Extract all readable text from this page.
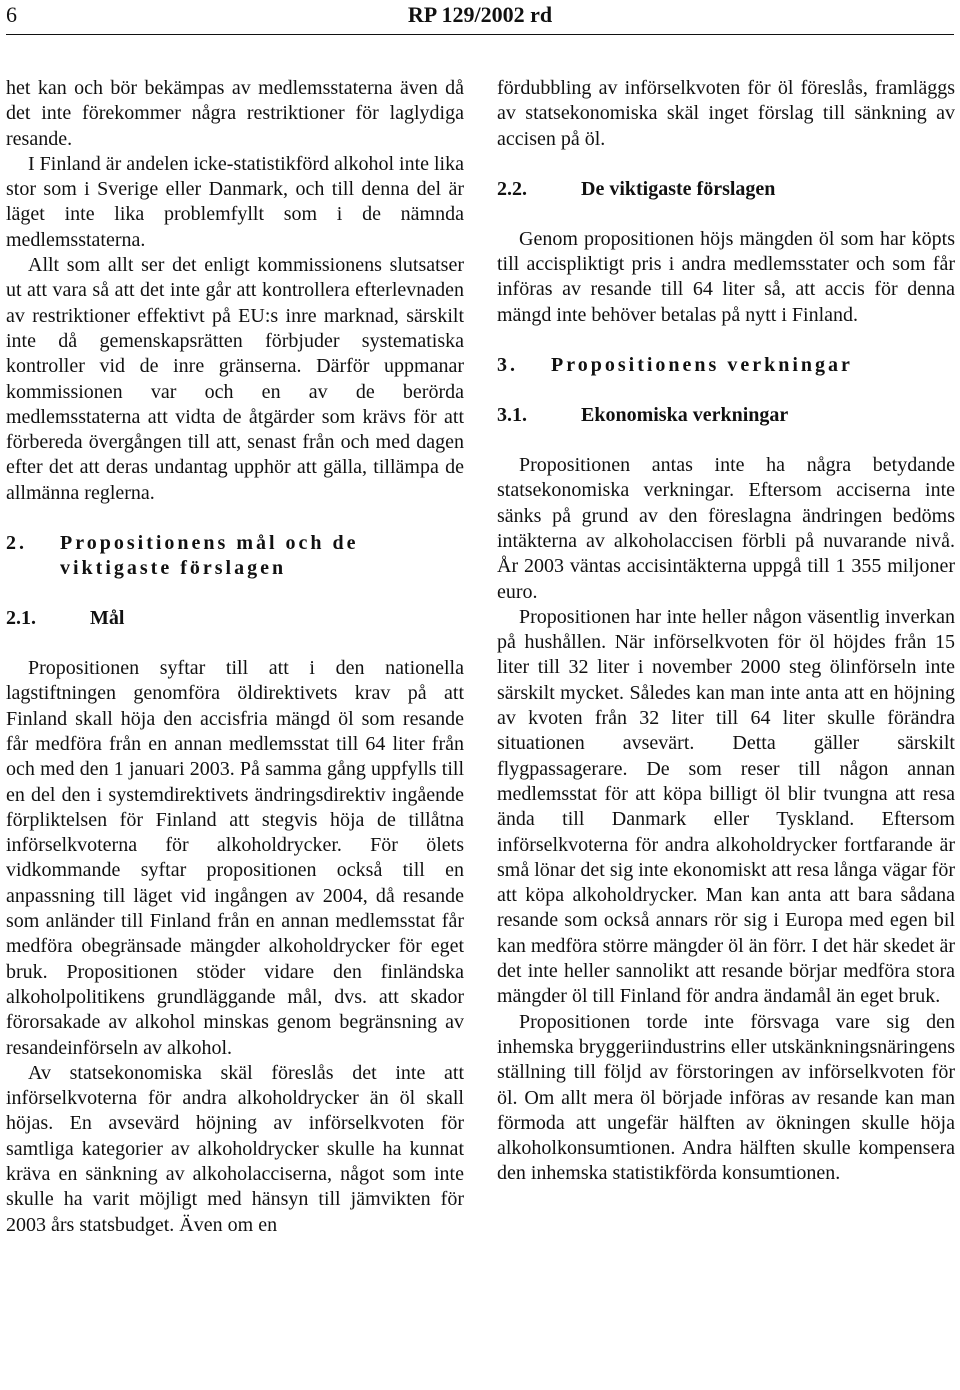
6	RP 129/2002 rd

het kan och bör bekämpas av medlemsstaterna även då det inte förekommer några restriktioner för laglydiga resande.

I Finland är andelen icke-statistikförd alkohol inte lika stor som i Sverige eller Danmark, och till denna del är läget inte lika problemfyllt som i de nämnda medlemsstaterna.

Allt som allt ser det enligt kommissionens slutsatser ut att vara så att det inte går att kontrollera efterlevnaden av restriktioner effektivt på EU:s inre marknad, särskilt inte då gemenskapsrätten förbjuder systematiska kontroller vid de inre gränserna. Därför uppmanar kommissionen var och en av de berörda medlemsstaterna att vidta de åtgärder som krävs för att förbereda övergången till att, senast från och med dagen efter det att deras undantag upphör att gälla, tillämpa de allmänna reglerna.

2.	Propositionens mål och de viktigaste förslagen
2.1.	Mål

Propositionen syftar till att i den nationella lagstiftningen genomföra öldirektivets krav på att Finland skall höja den accisfria mängd öl som resande får medföra från en annan medlemsstat till 64 liter från och med den 1 januari 2003. På samma gång uppfylls till en del den i systemdirektivets ändringsdirektiv ingående förpliktelsen för Finland att stegvis höja de tillåtna införselkvoterna för alkoholdrycker. För ölets vidkommande syftar propositionen också till en anpassning till läget vid ingången av 2004, då resande som anländer till Finland från en annan medlemsstat får medföra obegränsade mängder alkoholdrycker för eget bruk. Propositionen stöder vidare den finländska alkoholpolitikens grundläggande mål, dvs. att skador förorsakade av alkohol minskas genom begränsning av resandeinförseln av alkohol.

Av statsekonomiska skäl föreslås det inte att införselkvoterna för andra alkoholdrycker än öl skall höjas. En avsevärd höjning av införselkvoten för samtliga kategorier av alkoholdrycker skulle ha kunnat kräva en sänkning av alkoholacciserna, något som inte skulle ha varit möjligt med hänsyn till jämvikten för 2003 års statsbudget. Även om en

fördubbling av införselkvoten för öl föreslås, framläggs av statsekonomiska skäl inget förslag till sänkning av accisen på öl.

2.2.	De viktigaste förslagen

Genom propositionen höjs mängden öl som har köpts till accispliktigt pris i andra medlemsstater och som får införas av resande till 64 liter så, att accis för denna mängd inte behöver betalas på nytt i Finland.

3.	Propositionens verkningar
3.1.	Ekonomiska verkningar

Propositionen antas inte ha några betydande statsekonomiska verkningar. Eftersom acciserna inte sänks på grund av den föreslagna ändringen bedöms intäkterna av alkoholaccisen förbli på nuvarande nivå. År 2003 väntas accisintäkterna uppgå till 1 355 miljoner euro.

Propositionen har inte heller någon väsentlig inverkan på hushållen. När införselkvoten för öl höjdes från 15 liter till 32 liter i november 2000 steg ölinförseln inte särskilt mycket. Således kan man inte anta att en höjning av kvoten från 32 liter till 64 liter skulle förändra situationen avsevärt. Detta gäller särskilt flygpassagerare. De som reser till någon annan medlemsstat för att köpa billigt öl blir tvungna att resa ända till Danmark eller Tyskland. Eftersom införselkvoterna för andra alkoholdrycker fortfarande är små lönar det sig inte ekonomiskt att resa långa vägar för att köpa alkoholdrycker. Man kan anta att bara sådana resande som också annars rör sig i Europa med egen bil kan medföra större mängder öl än förr. I det här skedet är det inte heller sannolikt att resande börjar medföra stora mängder öl till Finland för andra ändamål än eget bruk.

Propositionen torde inte försvaga vare sig den inhemska bryggeriindustrins eller utskänkningsnäringens ställning till följd av förstoringen av införselkvoten för öl. Om allt mera öl började införas av resande kan man förmoda att ungefär hälften av ökningen skulle höja alkoholkonsumtionen. Andra hälften skulle kompensera den inhemska statistikförda konsumtionen.
